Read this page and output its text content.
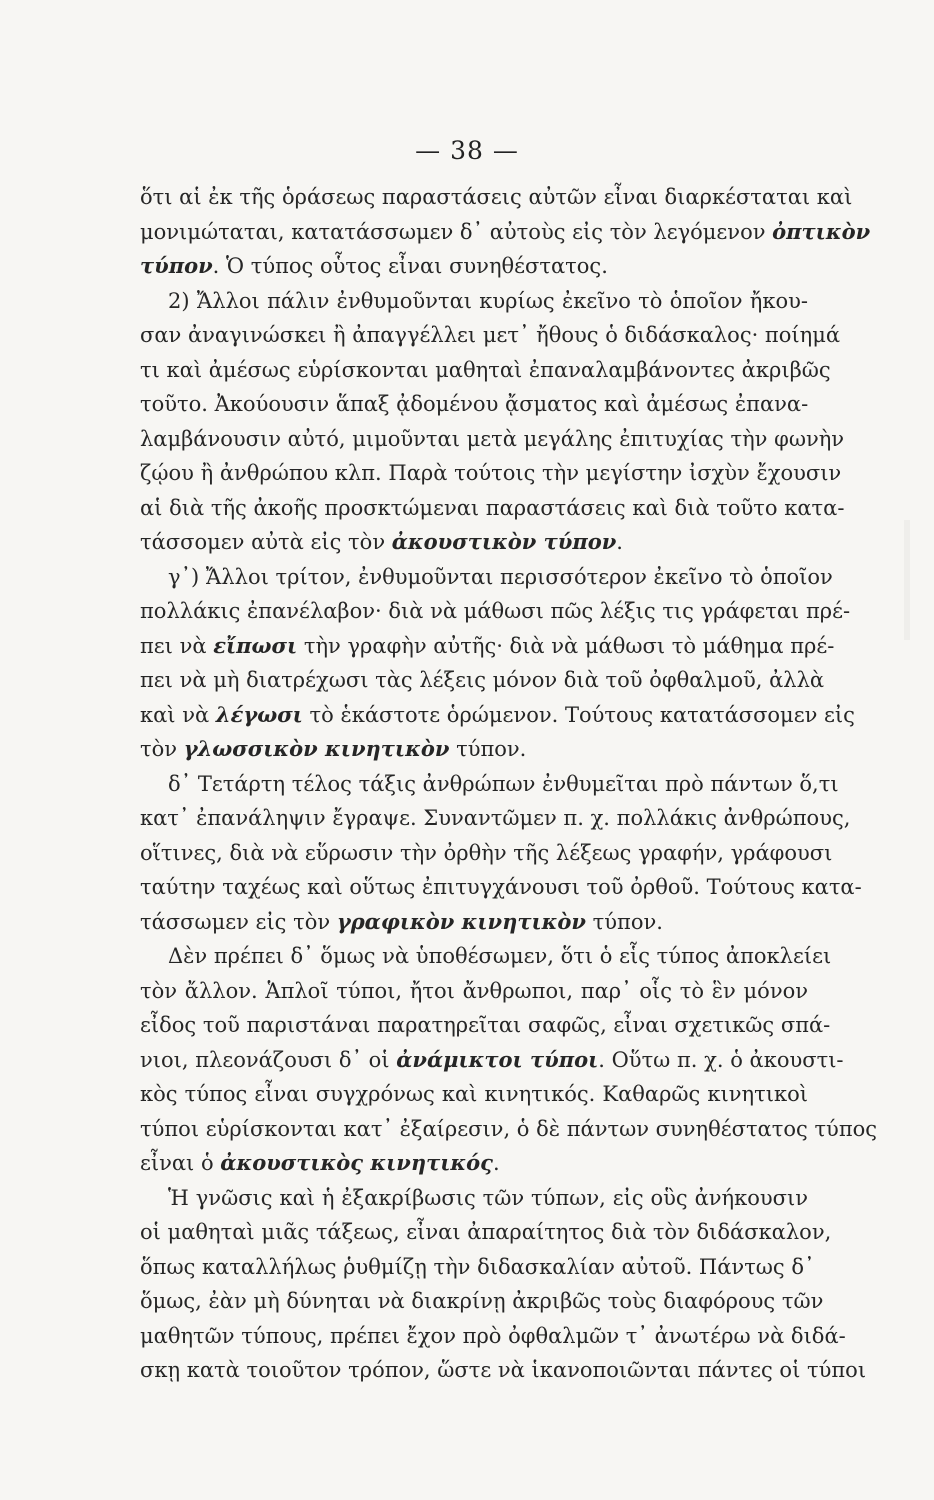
— 38 —
ὅτι αἱ ἐκ τῆς ὁράσεως παραστάσεις αὐτῶν εἶναι διαρκέσταται καὶ
μονιμώταται, κατατάσσωμεν δ᾽ αὐτοὺς εἰς τὸν λεγόμενον ὀπτικὸν
τύπον. Ὁ τύπος οὗτος εἶναι συνηθέστατος.
2) Ἄλλοι πάλιν ἐνθυμοῦνται κυρίως ἐκεῖνο τὸ ὁποῖον ἤκου-
σαν ἀναγινώσκει ἢ ἀπαγγέλλει μετ᾽ ἤθους ὁ διδάσκαλος· ποίημά
τι καὶ ἀμέσως εὑρίσκονται μαθηταὶ ἐπαναλαμβάνοντες ἀκριβῶς
τοῦτο. Ἀκούουσιν ἅπαξ ᾀδομένου ᾄσματος καὶ ἀμέσως ἐπανα-
λαμβάνουσιν αὐτό, μιμοῦνται μετὰ μεγάλης ἐπιτυχίας τὴν φωνὴν
ζῴου ἢ ἀνθρώπου κλπ. Παρὰ τούτοις τὴν μεγίστην ἰσχὺν ἔχουσιν
αἱ διὰ τῆς ἀκοῆς προσκτώμεναι παραστάσεις καὶ διὰ τοῦτο κατα-
τάσσομεν αὐτὰ εἰς τὸν ἀκουστικὸν τύπον.
γ᾽) Ἄλλοι τρίτον, ἐνθυμοῦνται περισσότερον ἐκεῖνο τὸ ὁποῖον
πολλάκις ἐπανέλαβον· διὰ νὰ μάθωσι πῶς λέξις τις γράφεται πρέ-
πει νὰ εἴπωσι τὴν γραφὴν αὐτῆς· διὰ νὰ μάθωσι τὸ μάθημα πρέ-
πει νὰ μὴ διατρέχωσι τὰς λέξεις μόνον διὰ τοῦ ὀφθαλμοῦ, ἀλλὰ
καὶ νὰ λέγωσι τὸ ἑκάστοτε ὁρώμενον. Τούτους κατατάσσομεν εἰς
τὸν γλωσσικὸν κινητικὸν τύπον.
δ᾽ Τετάρτη τέλος τάξις ἀνθρώπων ἐνθυμεῖται πρὸ πάντων ὅ,τι
κατ᾽ ἐπανάληψιν ἔγραψε. Συναντῶμεν π. χ. πολλάκις ἀνθρώπους,
οἵτινες, διὰ νὰ εὕρωσιν τὴν ὀρθὴν τῆς λέξεως γραφήν, γράφουσι
ταύτην ταχέως καὶ οὕτως ἐπιτυγχάνουσι τοῦ ὀρθοῦ. Τούτους κατα-
τάσσωμεν εἰς τὸν γραφικὸν κινητικὸν τύπον.
Δὲν πρέπει δ᾽ ὅμως νὰ ὑποθέσωμεν, ὅτι ὁ εἷς τύπος ἀποκλείει
τὸν ἄλλον. Ἁπλοῖ τύποι, ἤτοι ἄνθρωποι, παρ᾽ οἷς τὸ ἓν μόνον
εἶδος τοῦ παριστάναι παρατηρεῖται σαφῶς, εἶναι σχετικῶς σπά-
νιοι, πλεονάζουσι δ᾽ οἱ ἀνάμικτοι τύποι. Οὕτω π. χ. ὁ ἀκουστι-
κὸς τύπος εἶναι συγχρόνως καὶ κινητικός. Καθαρῶς κινητικοὶ
τύποι εὑρίσκονται κατ᾽ ἐξαίρεσιν, ὁ δὲ πάντων συνηθέστατος τύπος
εἶναι ὁ ἀκουστικὸς κινητικός.
Ἡ γνῶσις καὶ ἡ ἐξακρίβωσις τῶν τύπων, εἰς οὓς ἀνήκουσιν
οἱ μαθηταὶ μιᾶς τάξεως, εἶναι ἀπαραίτητος διὰ τὸν διδάσκαλον,
ὅπως καταλλήλως ῥυθμίζῃ τὴν διδασκαλίαν αὐτοῦ. Πάντως δ᾽
ὅμως, ἐὰν μὴ δύνηται νὰ διακρίνῃ ἀκριβῶς τοὺς διαφόρους τῶν
μαθητῶν τύπους, πρέπει ἔχον πρὸ ὀφθαλμῶν τ᾽ ἀνωτέρω νὰ διδά-
σκῃ κατὰ τοιοῦτον τρόπον, ὥστε νὰ ἱκανοποιῶνται πάντες οἱ τύποι
